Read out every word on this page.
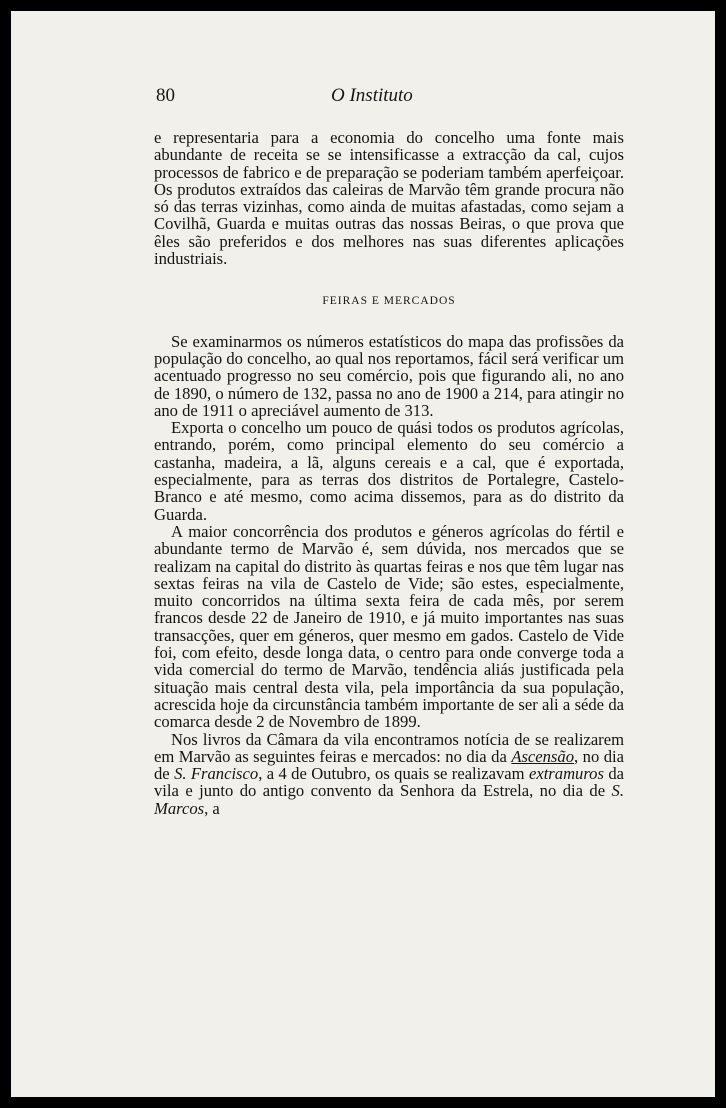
80	O Instituto

e representaria para a economia do concelho uma fonte mais abundante de receita se se intensificasse a extracção da cal, cujos processos de fabrico e de preparação se poderiam também aperfeiçoar. Os produtos extraídos das caleiras de Marvão têm grande procura não só das terras vizinhas, como ainda de muitas afastadas, como sejam a Covilhã, Guarda e muitas outras das nossas Beiras, o que prova que êles são preferidos e dos melhores nas suas diferentes aplicações industriais.

FEIRAS E MERCADOS

Se examinarmos os números estatísticos do mapa das profissões da população do concelho, ao qual nos reportamos, fácil será verificar um acentuado progresso no seu comércio, pois que figurando ali, no ano de 1890, o número de 132, passa no ano de 1900 a 214, para atingir no ano de 1911 o apreciável aumento de 313.

Exporta o concelho um pouco de quási todos os produtos agrícolas, entrando, porém, como principal elemento do seu comércio a castanha, madeira, a lã, alguns cereais e a cal, que é exportada, especialmente, para as terras dos distritos de Portalegre, Castelo-Branco e até mesmo, como acima dissemos, para as do distrito da Guarda.

A maior concorrência dos produtos e géneros agrícolas do fértil e abundante termo de Marvão é, sem dúvida, nos mercados que se realizam na capital do distrito às quartas feiras e nos que têm lugar nas sextas feiras na vila de Castelo de Vide; são estes, especialmente, muito concorridos na última sexta feira de cada mês, por serem francos desde 22 de Janeiro de 1910, e já muito importantes nas suas transacções, quer em géneros, quer mesmo em gados. Castelo de Vide foi, com efeito, desde longa data, o centro para onde converge toda a vida comercial do termo de Marvão, tendência aliás justificada pela situação mais central desta vila, pela importância da sua população, acrescida hoje da circunstância também importante de ser ali a séde da comarca desde 2 de Novembro de 1899.

Nos livros da Câmara da vila encontramos notícia de se realizarem em Marvão as seguintes feiras e mercados: no dia da Ascensão, no dia de S. Francisco, a 4 de Outubro, os quais se realizavam extramuros da vila e junto do antigo convento da Senhora da Estrela, no dia de S. Marcos, a
